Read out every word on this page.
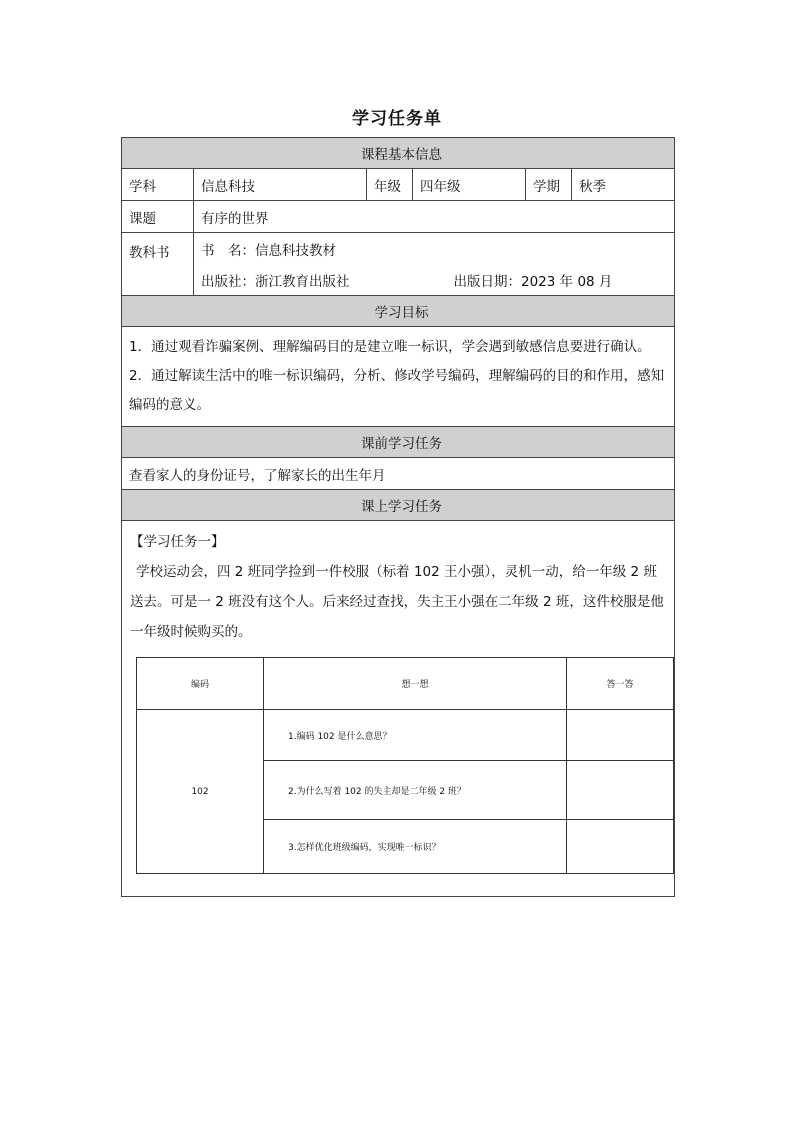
学习任务单
课程基本信息
学科	信息科技	年级	四年级	学期	秋季
课题	有序的世界
教科书	书　名：信息科技教材
出版社：浙江教育出版社	出版日期：2023 年 08 月

学习目标

1．通过观看诈骗案例、理解编码目的是建立唯一标识，学会遇到敏感信息要进行确认。
2．通过解读生活中的唯一标识编码，分析、修改学号编码，理解编码的目的和作用，感知编码的意义。

课前学习任务
查看家人的身份证号，了解家长的出生年月
课上学习任务

【学习任务一】
学校运动会，四 2 班同学捡到一件校服（标着 102 王小强），灵机一动，给一年级 2 班送去。可是一 2 班没有这个人。后来经过查找，失主王小强在二年级 2 班，这件校服是他一年级时候购买的。
编码	想一想	答一答
102	1.编码 102 是什么意思？	
2.为什么写着 102 的失主却是二年级 2 班？	
3.怎样优化班级编码，实现唯一标识？	
